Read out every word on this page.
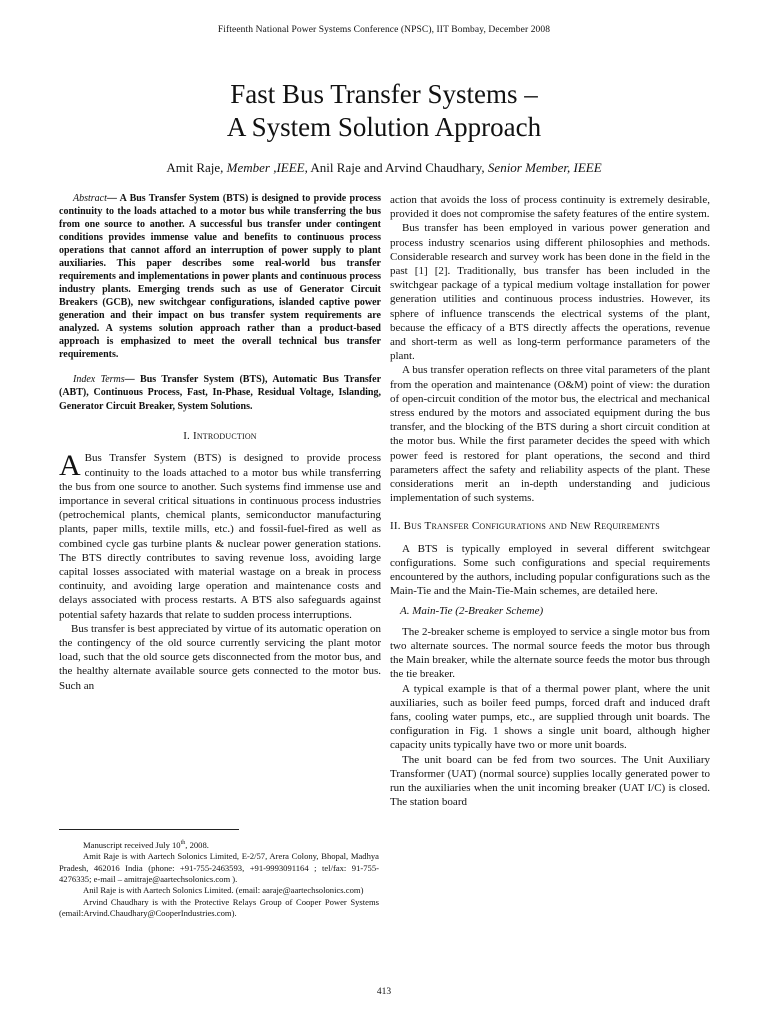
Fifteenth National Power Systems Conference (NPSC), IIT Bombay, December 2008
Fast Bus Transfer Systems –
A System Solution Approach
Amit Raje, Member ,IEEE, Anil Raje and Arvind Chaudhary, Senior Member, IEEE

Abstract— A Bus Transfer System (BTS) is designed to provide process continuity to the loads attached to a motor bus while transferring the bus from one source to another. A successful bus transfer under contingent conditions provides immense value and benefits to continuous process operations that cannot afford an interruption of power supply to plant auxiliaries. This paper describes some real-world bus transfer requirements and implementations in power plants and continuous process industry plants. Emerging trends such as use of Generator Circuit Breakers (GCB), new switchgear configurations, islanded captive power generation and their impact on bus transfer system requirements are analyzed. A systems solution approach rather than a product-based approach is emphasized to meet the overall technical bus transfer requirements.

Index Terms— Bus Transfer System (BTS), Automatic Bus Transfer (ABT), Continuous Process, Fast, In-Phase, Residual Voltage, Islanding, Generator Circuit Breaker, System Solutions.

I. Introduction

A Bus Transfer System (BTS) is designed to provide process continuity to the loads attached to a motor bus while transferring the bus from one source to another. Such systems find immense use and importance in several critical situations in continuous process industries (petrochemical plants, chemical plants, semiconductor manufacturing plants, paper mills, textile mills, etc.) and fossil-fuel-fired as well as combined cycle gas turbine plants & nuclear power generation stations. The BTS directly contributes to saving revenue loss, avoiding large capital losses associated with material wastage on a break in process continuity, and avoiding large operation and maintenance costs and delays associated with process restarts. A BTS also safeguards against potential safety hazards that relate to sudden process interruptions.

Bus transfer is best appreciated by virtue of its automatic operation on the contingency of the old source currently servicing the plant motor load, such that the old source gets disconnected from the motor bus, and the healthy alternate available source gets connected to the motor bus. Such an

action that avoids the loss of process continuity is extremely desirable, provided it does not compromise the safety features of the entire system.

Bus transfer has been employed in various power generation and process industry scenarios using different philosophies and methods. Considerable research and survey work has been done in the field in the past [1] [2]. Traditionally, bus transfer has been included in the switchgear package of a typical medium voltage installation for power generation utilities and continuous process industries. However, its sphere of influence transcends the electrical systems of the plant, because the efficacy of a BTS directly affects the operations, revenue and short-term as well as long-term performance parameters of the plant.

A bus transfer operation reflects on three vital parameters of the plant from the operation and maintenance (O&M) point of view: the duration of open-circuit condition of the motor bus, the electrical and mechanical stress endured by the motors and associated equipment during the bus transfer, and the blocking of the BTS during a short circuit condition at the motor bus. While the first parameter decides the speed with which power feed is restored for plant operations, the second and third parameters affect the safety and reliability aspects of the plant. These considerations merit an in-depth understanding and judicious implementation of such systems.

II. Bus Transfer Configurations and New Requirements

A BTS is typically employed in several different switchgear configurations. Some such configurations and special requirements encountered by the authors, including popular configurations such as the Main-Tie and the Main-Tie-Main schemes, are detailed here.

A. Main-Tie (2-Breaker Scheme)

The 2-breaker scheme is employed to service a single motor bus from two alternate sources. The normal source feeds the motor bus through the Main breaker, while the alternate source feeds the motor bus through the tie breaker.

A typical example is that of a thermal power plant, where the unit auxiliaries, such as boiler feed pumps, forced draft and induced draft fans, cooling water pumps, etc., are supplied through unit boards. The configuration in Fig. 1 shows a single unit board, although higher capacity units typically have two or more unit boards.

The unit board can be fed from two sources. The Unit Auxiliary Transformer (UAT) (normal source) supplies locally generated power to run the auxiliaries when the unit incoming breaker (UAT I/C) is closed. The station board

Manuscript received July 10th, 2008.

Amit Raje is with Aartech Solonics Limited, E-2/57, Arera Colony, Bhopal, Madhya Pradesh, 462016 India (phone: +91-755-2463593, +91-9993091164 ; tel/fax: 91-755-4276335; e-mail – amitraje@aartechsolonics.com ).

Anil Raje is with Aartech Solonics Limited. (email: aaraje@aartechsolonics.com)

Arvind Chaudhary is with the Protective Relays Group of Cooper Power Systems (email:Arvind.Chaudhary@CooperIndustries.com).

413
